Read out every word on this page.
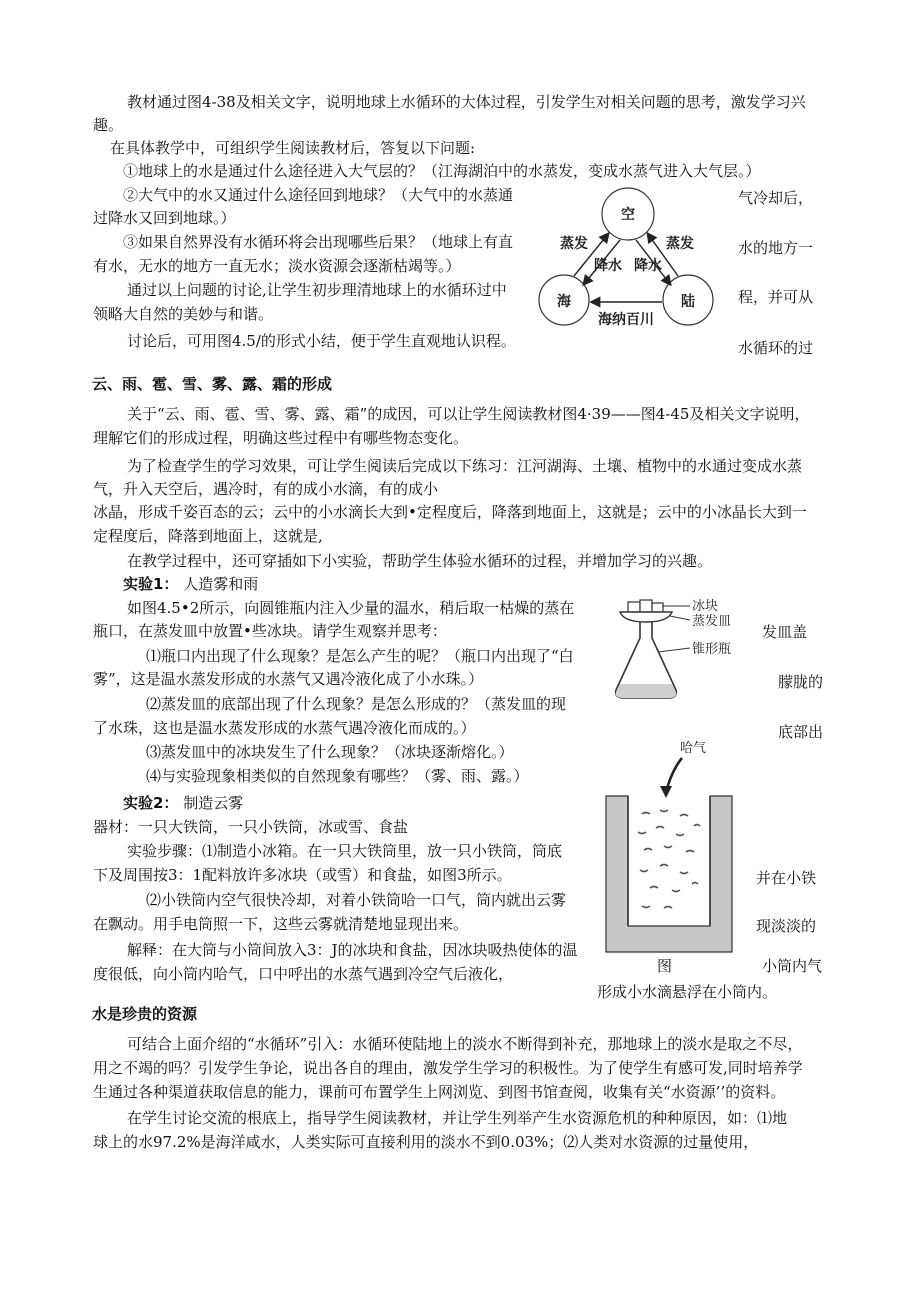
教材通过图4-38及相关文字，说明地球上水循环的大体过程，引发学生对相关问题的思考，激发学习兴
趣。
在具体教学中，可组织学生阅读教材后，答复以下问题:
①地球上的水是通过什么途径进入大气层的？（江海湖泊中的水蒸发，变成水蒸气进入大气层。）
②大气中的水又通过什么途径回到地球？（大气中的水蒸通
过降水又回到地球。）
③如果自然界没有水循环将会出现哪些后果？（地球上有直
有水，无水的地方一直无水；淡水资源会逐渐枯竭等。）
通过以上问题的讨论,让学生初步理清地球上的水循环过中
领略大自然的美妙与和谐。
讨论后，可用图4.5/的形式小结，便于学生直观地认识程。
气冷却后，
水的地方一
程，并可从
水循环的过
空
海	陆
蒸发	蒸发
降水 降水
海纳百川
云、雨、雹、雪、雾、露、霜的形成
关于“云、雨、雹、雪、雾、露、霜”的成因，可以让学生阅读教材图4·39——图4-45及相关文字说明，
理解它们的形成过程，明确这些过程中有哪些物态变化。
为了检查学生的学习效果，可让学生阅读后完成以下练习：江河湖海、土壤、植物中的水通过变成水蒸
气，升入天空后，遇冷时，有的成小水滴，有的成小
冰晶，形成千姿百态的云；云中的小水滴长大到•定程度后，降落到地面上，这就是；云中的小冰晶长大到一
定程度后，降落到地面上，这就是,
在教学过程中，还可穿插如下小实验，帮助学生体验水循环的过程，并增加学习的兴趣。
实验1： 人造雾和雨
如图4.5•2所示，向圆锥瓶内注入少量的温水，稍后取一枯燥的蒸在
瓶口，在蒸发皿中放置•些冰块。请学生观察并思考：
⑴瓶口内出现了什么现象？是怎么产生的呢？（瓶口内出现了“白
雾”，这是温水蒸发形成的水蒸气又遇冷液化成了小水珠。）
⑵蒸发皿的底部出现了什么现象？是怎么形成的？（蒸发皿的现
了水珠，这也是温水蒸发形成的水蒸气遇冷液化而成的。）
⑶蒸发皿中的冰块发生了什么现象？（冰块逐渐熔化。）
⑷与实验现象相类似的自然现象有哪些？（雾、雨、露。）
发皿盖
朦胧的
底部出
冰块
蒸发皿
锥形瓶
实验2： 制造云雾
器材：一只大铁筒，一只小铁筒，冰或雪、食盐
实验步骤：⑴制造小冰箱。在一只大铁筒里，放一只小铁筒，筒底
下及周围按3：1配料放许多冰块（或雪）和食盐，如图3所示。
⑵小铁筒内空气很快冷却，对着小铁筒哈一口气，筒内就出云雾
在飘动。用手电筒照一下，这些云雾就清楚地显现出来。
解释：在大筒与小筒间放入3：J的冰块和食盐，因冰块吸热使体的温
度很低，向小筒内哈气，口中呼出的水蒸气遇到冷空气后液化，
并在小铁
现淡淡的
图	小筒内气
形成小水滴悬浮在小筒内。
哈气
水是珍贵的资源
可结合上面介绍的“水循环”引入：水循环使陆地上的淡水不断得到补充，那地球上的淡水是取之不尽，
用之不竭的吗？引发学生争论，说出各自的理由，激发学生学习的积极性。为了使学生有感可发,同时培养学
生通过各种渠道获取信息的能力，课前可布置学生上网浏览、到图书馆查阅，收集有关“水资源’’的资料。
在学生讨论交流的根底上，指导学生阅读教材，并让学生列举产生水资源危机的种种原因，如：⑴地
球上的水97.2%是海洋咸水，人类实际可直接利用的淡水不到0.03%；⑵人类对水资源的过量使用，
